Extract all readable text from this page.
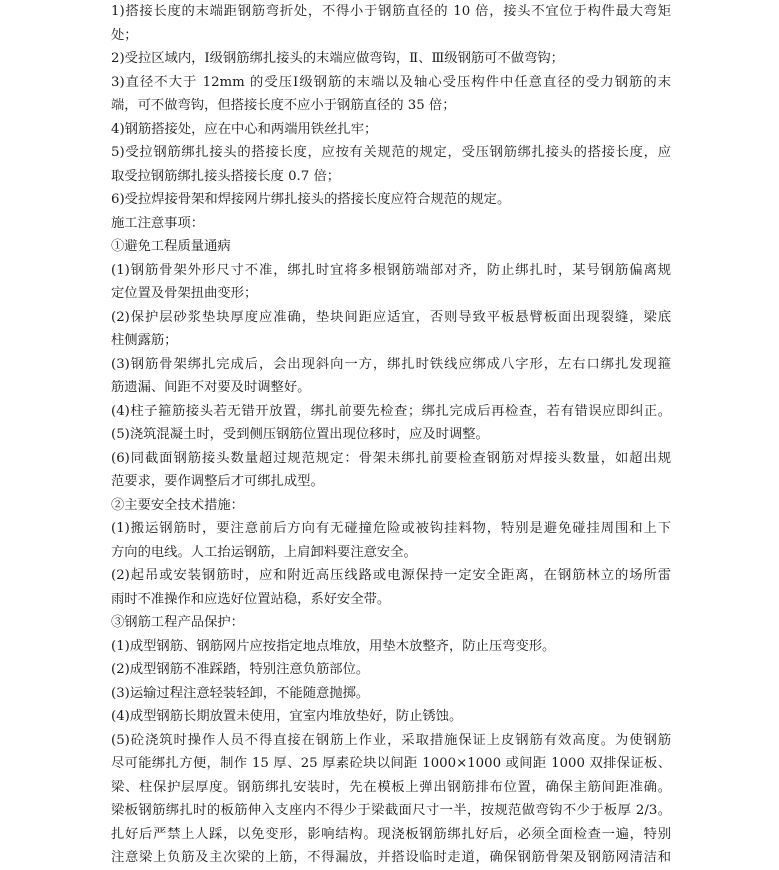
1)搭接长度的末端距钢筋弯折处，不得小于钢筋直径的 10 倍，接头不宜位于构件最大弯矩
处；
2)受拉区域内，Ⅰ级钢筋绑扎接头的末端应做弯钩，Ⅱ、Ⅲ级钢筋可不做弯钩；
3)直径不大于 12mm 的受压Ⅰ级钢筋的末端以及轴心受压构件中任意直径的受力钢筋的末
端，可不做弯钩，但搭接长度不应小于钢筋直径的 35 倍；
4)钢筋搭接处，应在中心和两端用铁丝扎牢；
5)受拉钢筋绑扎接头的搭接长度，应按有关规范的规定，受压钢筋绑扎接头的搭接长度，应
取受拉钢筋绑扎接头搭接长度 0.7 倍；
6)受拉焊接骨架和焊接网片绑扎接头的搭接长度应符合规范的规定。
施工注意事项：
①避免工程质量通病
(1)钢筋骨架外形尺寸不准，绑扎时宜将多根钢筋端部对齐，防止绑扎时，某号钢筋偏离规
定位置及骨架扭曲变形；
(2)保护层砂浆垫块厚度应准确，垫块间距应适宜，否则导致平板悬臂板面出现裂缝，梁底
柱侧露筋；
(3)钢筋骨架绑扎完成后，会出现斜向一方，绑扎时铁线应绑成八字形，左右口绑扎发现箍
筋遗漏、间距不对要及时调整好。
(4)柱子箍筋接头若无错开放置，绑扎前要先检查；绑扎完成后再检查，若有错误应即纠正。
(5)浇筑混凝土时，受到侧压钢筋位置出现位移时，应及时调整。
(6)同截面钢筋接头数量超过规范规定：骨架未绑扎前要检查钢筋对焊接头数量，如超出规
范要求，要作调整后才可绑扎成型。
②主要安全技术措施：
(1)搬运钢筋时，要注意前后方向有无碰撞危险或被钩挂料物，特别是避免碰挂周围和上下
方向的电线。人工抬运钢筋，上肩卸料要注意安全。
(2)起吊或安装钢筋时，应和附近高压线路或电源保持一定安全距离，在钢筋林立的场所雷
雨时不准操作和应选好位置站稳，系好安全带。
③钢筋工程产品保护：
(1)成型钢筋、钢筋网片应按指定地点堆放，用垫木放整齐，防止压弯变形。
(2)成型钢筋不准踩踏，特别注意负筋部位。
(3)运输过程注意轻装轻卸，不能随意抛掷。
(4)成型钢筋长期放置未使用，宜室内堆放垫好，防止锈蚀。
(5)砼浇筑时操作人员不得直接在钢筋上作业，采取措施保证上皮钢筋有效高度。为使钢筋
尽可能绑扎方便，制作 15 厚、25 厚素砼块以间距 1000×1000 或间距 1000 双排保证板、
梁、柱保护层厚度。钢筋绑扎安装时，先在模板上弹出钢筋排布位置，确保主筋间距准确。
梁板钢筋绑扎时的板筋伸入支座内不得少于梁截面尺寸一半，按规范做弯钩不少于板厚 2/3。
扎好后严禁上人踩，以免变形，影响结构。现浇板钢筋绑扎好后，必须全面检查一遍，特别
注意梁上负筋及主次梁的上筋，不得漏放，并搭设临时走道，确保钢筋骨架及钢筋网清洁和
